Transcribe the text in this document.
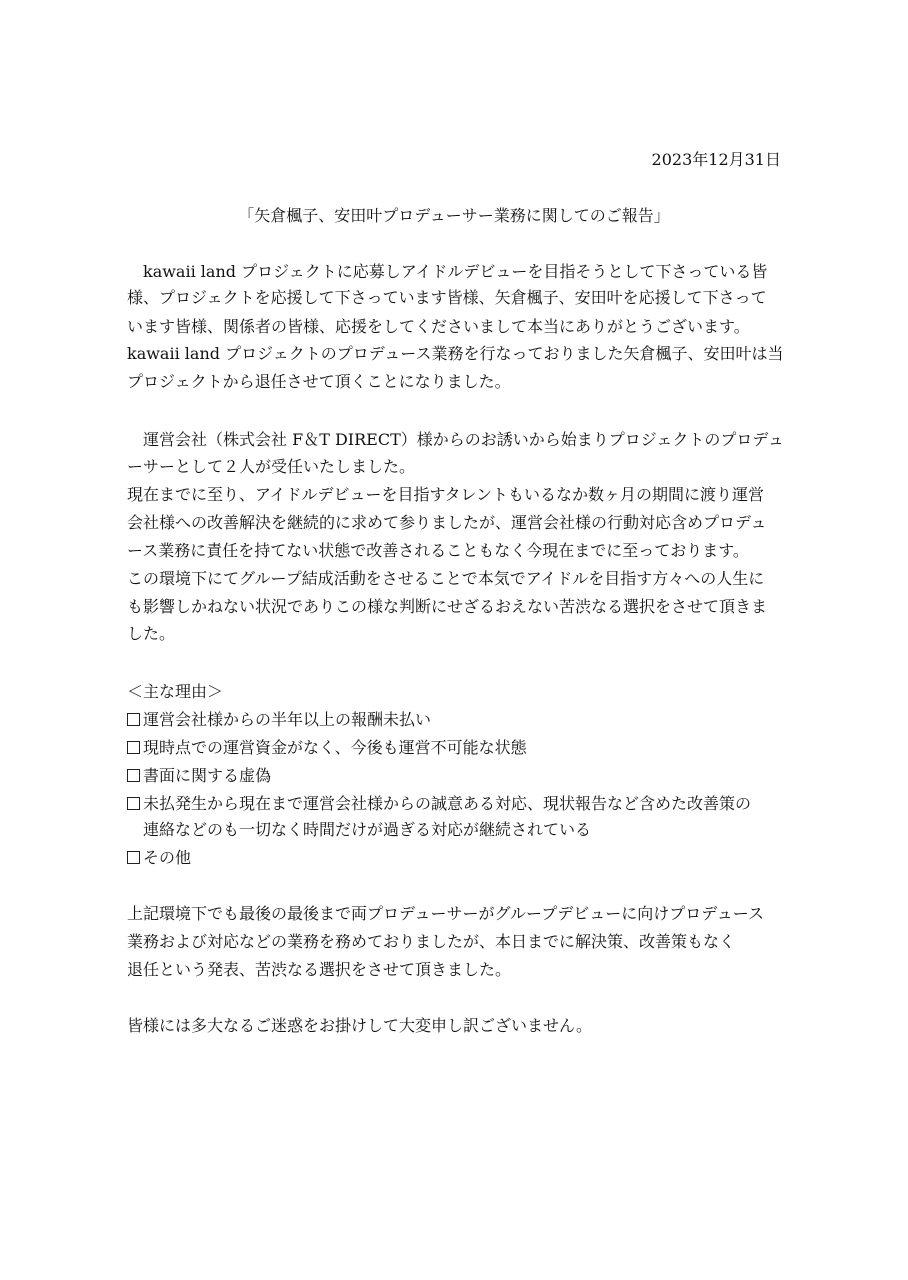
2023年12月31日
「矢倉楓子、安田叶プロデューサー業務に関してのご報告」
　kawaii land プロジェクトに応募しアイドルデビューを目指そうとして下さっている皆
様、プロジェクトを応援して下さっています皆様、矢倉楓子、安田叶を応援して下さって
います皆様、関係者の皆様、応援をしてくださいまして本当にありがとうございます。
kawaii land プロジェクトのプロデュース業務を行なっておりました矢倉楓子、安田叶は当
プロジェクトから退任させて頂くことになりました。
　運営会社（株式会社 F＆T DIRECT）様からのお誘いから始まりプロジェクトのプロデュ
ーサーとして２人が受任いたしました。
現在までに至り、アイドルデビューを目指すタレントもいるなか数ヶ月の期間に渡り運営
会社様への改善解決を継続的に求めて参りましたが、運営会社様の行動対応含めプロデュ
ース業務に責任を持てない状態で改善されることもなく今現在までに至っております。
この環境下にてグループ結成活動をさせることで本気でアイドルを目指す方々への人生に
も影響しかねない状況でありこの様な判断にせざるおえない苦渋なる選択をさせて頂きま
した。
＜主な理由＞
運営会社様からの半年以上の報酬未払い
現時点での運営資金がなく、今後も運営不可能な状態
書面に関する虚偽
未払発生から現在まで運営会社様からの誠意ある対応、現状報告など含めた改善策の
連絡などのも一切なく時間だけが過ぎる対応が継続されている
その他
上記環境下でも最後の最後まで両プロデューサーがグループデビューに向けプロデュース
業務および対応などの業務を務めておりましたが、本日までに解決策、改善策もなく
退任という発表、苦渋なる選択をさせて頂きました。
皆様には多大なるご迷惑をお掛けして大変申し訳ございません。
